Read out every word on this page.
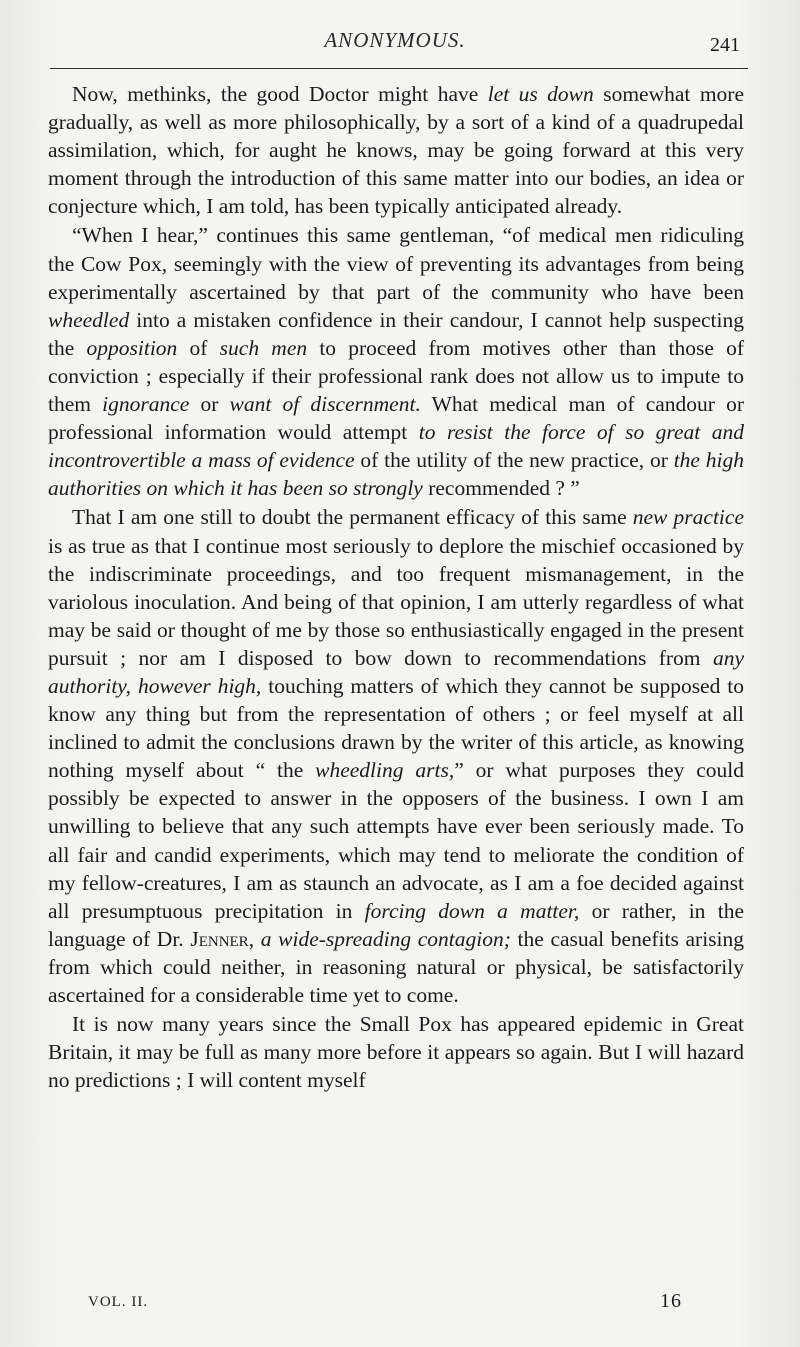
ANONYMOUS.	241

Now, methinks, the good Doctor might have let us down somewhat more gradually, as well as more philosophically, by a sort of a kind of a quadrupedal assimilation, which, for aught he knows, may be going forward at this very moment through the introduction of this same matter into our bodies, an idea or conjecture which, I am told, has been typically anticipated already.

“When I hear,” continues this same gentleman, “of medical men ridiculing the Cow Pox, seemingly with the view of preventing its advantages from being experimentally ascertained by that part of the community who have been wheedled into a mistaken confidence in their candour, I cannot help suspecting the opposition of such men to proceed from motives other than those of conviction ; especially if their professional rank does not allow us to impute to them ignorance or want of discernment. What medical man of candour or professional information would attempt to resist the force of so great and incontrovertible a mass of evidence of the utility of the new practice, or the high authorities on which it has been so strongly recommended ? ”

That I am one still to doubt the permanent efficacy of this same new practice is as true as that I continue most seriously to deplore the mischief occasioned by the indiscriminate proceedings, and too frequent mismanagement, in the variolous inoculation. And being of that opinion, I am utterly regardless of what may be said or thought of me by those so enthusiastically engaged in the present pursuit ; nor am I disposed to bow down to recommendations from any authority, however high, touching matters of which they cannot be supposed to know any thing but from the representation of others ; or feel myself at all inclined to admit the conclusions drawn by the writer of this article, as knowing nothing myself about “ the wheedling arts,” or what purposes they could possibly be expected to answer in the opposers of the business. I own I am unwilling to believe that any such attempts have ever been seriously made. To all fair and candid experiments, which may tend to meliorate the condition of my fellow-creatures, I am as staunch an advocate, as I am a foe decided against all presumptuous precipitation in forcing down a matter, or rather, in the language of Dr. Jenner, a wide-spreading contagion; the casual benefits arising from which could neither, in reasoning natural or physical, be satisfactorily ascertained for a considerable time yet to come.

It is now many years since the Small Pox has appeared epidemic in Great Britain, it may be full as many more before it appears so again. But I will hazard no predictions ; I will content myself

VOL. II.	16
